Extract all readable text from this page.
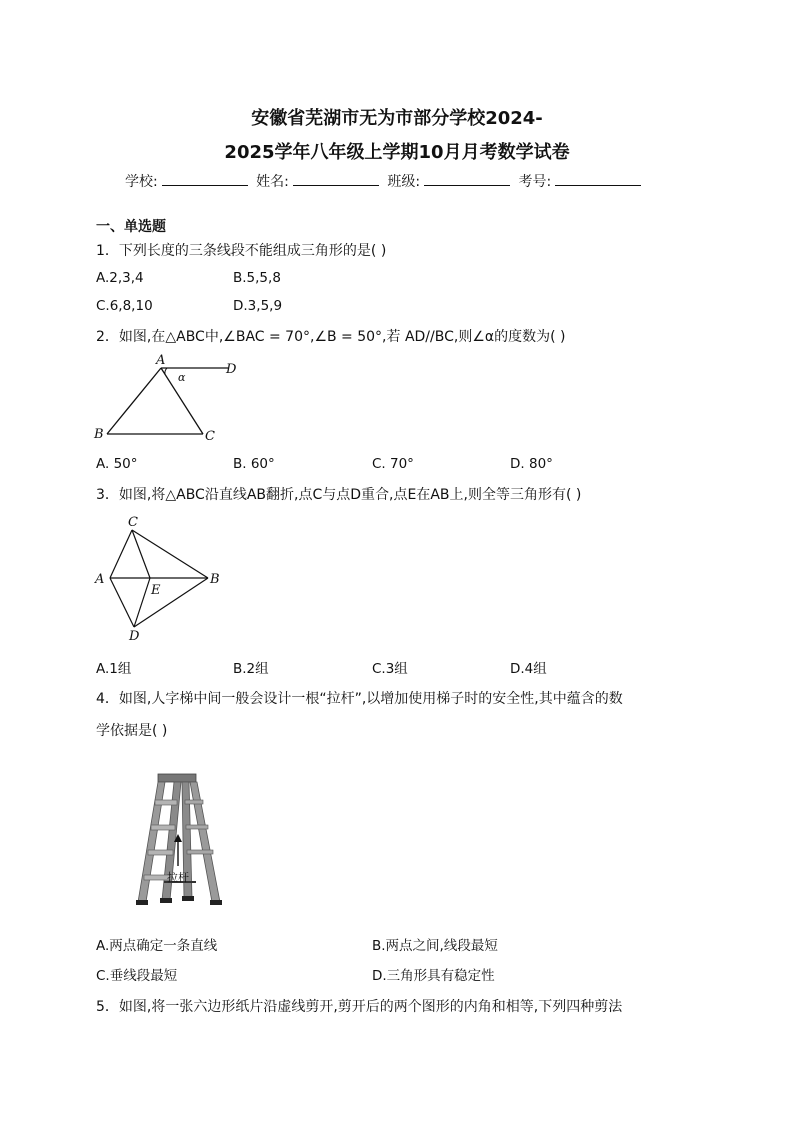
安徽省芜湖市无为市部分学校2024-
2025学年八年级上学期10月月考数学试卷
学校:	姓名:	班级:	考号:
一、单选题
1．下列长度的三条线段不能组成三角形的是( )
A.2,3,4	B.5,5,8
C.6,8,10	D.3,5,9
2．如图,在△ABC中,∠BAC = 70°,∠B = 50°,若 AD//BC,则∠α的度数为( )
A
D
B	C
α
A. 50°	B. 60°	C. 70°	D. 80°
3．如图,将△ABC沿直线AB翻折,点C与点D重合,点E在AB上,则全等三角形有( )
C
A
E
B
D
A.1组	B.2组	C.3组	D.4组
4．如图,人字梯中间一般会设计一根“拉杆”,以增加使用梯子时的安全性,其中蕴含的数
学依据是( )
拉杆
A.两点确定一条直线	B.两点之间,线段最短
C.垂线段最短	D.三角形具有稳定性
5．如图,将一张六边形纸片沿虚线剪开,剪开后的两个图形的内角和相等,下列四种剪法
